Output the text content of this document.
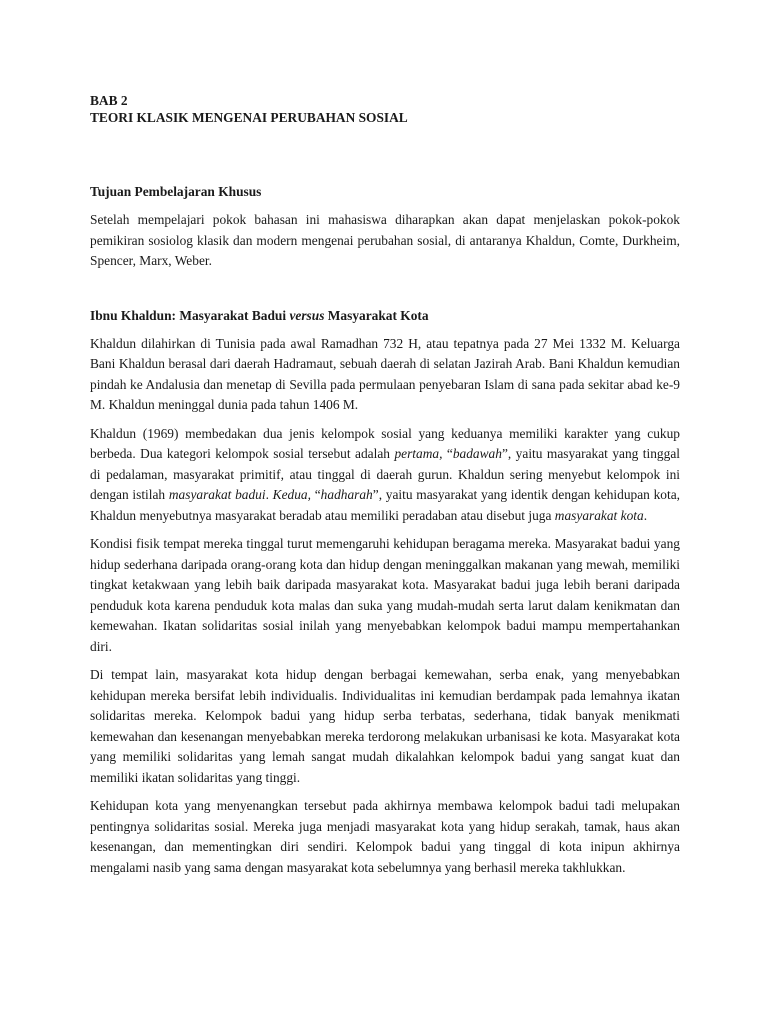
BAB 2
TEORI KLASIK MENGENAI PERUBAHAN SOSIAL
Tujuan Pembelajaran Khusus

Setelah mempelajari pokok bahasan ini mahasiswa diharapkan akan dapat menjelaskan pokok-pokok pemikiran sosiolog klasik dan modern mengenai perubahan sosial, di antaranya Khaldun, Comte, Durkheim, Spencer, Marx, Weber.

Ibnu Khaldun: Masyarakat Badui versus Masyarakat Kota

Khaldun dilahirkan di Tunisia pada awal Ramadhan 732 H, atau tepatnya pada 27 Mei 1332 M. Keluarga Bani Khaldun berasal dari daerah Hadramaut, sebuah daerah di selatan Jazirah Arab. Bani Khaldun kemudian pindah ke Andalusia dan menetap di Sevilla pada permulaan penyebaran Islam di sana pada sekitar abad ke-9 M. Khaldun meninggal dunia pada tahun 1406 M.

Khaldun (1969) membedakan dua jenis kelompok sosial yang keduanya memiliki karakter yang cukup berbeda. Dua kategori kelompok sosial tersebut adalah pertama, “badawah”, yaitu masyarakat yang tinggal di pedalaman, masyarakat primitif, atau tinggal di daerah gurun. Khaldun sering menyebut kelompok ini dengan istilah masyarakat badui. Kedua, “hadharah”, yaitu masyarakat yang identik dengan kehidupan kota, Khaldun menyebutnya masyarakat beradab atau memiliki peradaban atau disebut juga masyarakat kota.

Kondisi fisik tempat mereka tinggal turut memengaruhi kehidupan beragama mereka. Masyarakat badui yang hidup sederhana daripada orang-orang kota dan hidup dengan meninggalkan makanan yang mewah, memiliki tingkat ketakwaan yang lebih baik daripada masyarakat kota. Masyarakat badui juga lebih berani daripada penduduk kota karena penduduk kota malas dan suka yang mudah-mudah serta larut dalam kenikmatan dan kemewahan. Ikatan solidaritas sosial inilah yang menyebabkan kelompok badui mampu mempertahankan diri.

Di tempat lain, masyarakat kota hidup dengan berbagai kemewahan, serba enak, yang menyebabkan kehidupan mereka bersifat lebih individualis. Individualitas ini kemudian berdampak pada lemahnya ikatan solidaritas mereka. Kelompok badui yang hidup serba terbatas, sederhana, tidak banyak menikmati kemewahan dan kesenangan menyebabkan mereka terdorong melakukan urbanisasi ke kota. Masyarakat kota yang memiliki solidaritas yang lemah sangat mudah dikalahkan kelompok badui yang sangat kuat dan memiliki ikatan solidaritas yang tinggi.

Kehidupan kota yang menyenangkan tersebut pada akhirnya membawa kelompok badui tadi melupakan pentingnya solidaritas sosial. Mereka juga menjadi masyarakat kota yang hidup serakah, tamak, haus akan kesenangan, dan mementingkan diri sendiri. Kelompok badui yang tinggal di kota inipun akhirnya mengalami nasib yang sama dengan masyarakat kota sebelumnya yang berhasil mereka takhlukkan.
